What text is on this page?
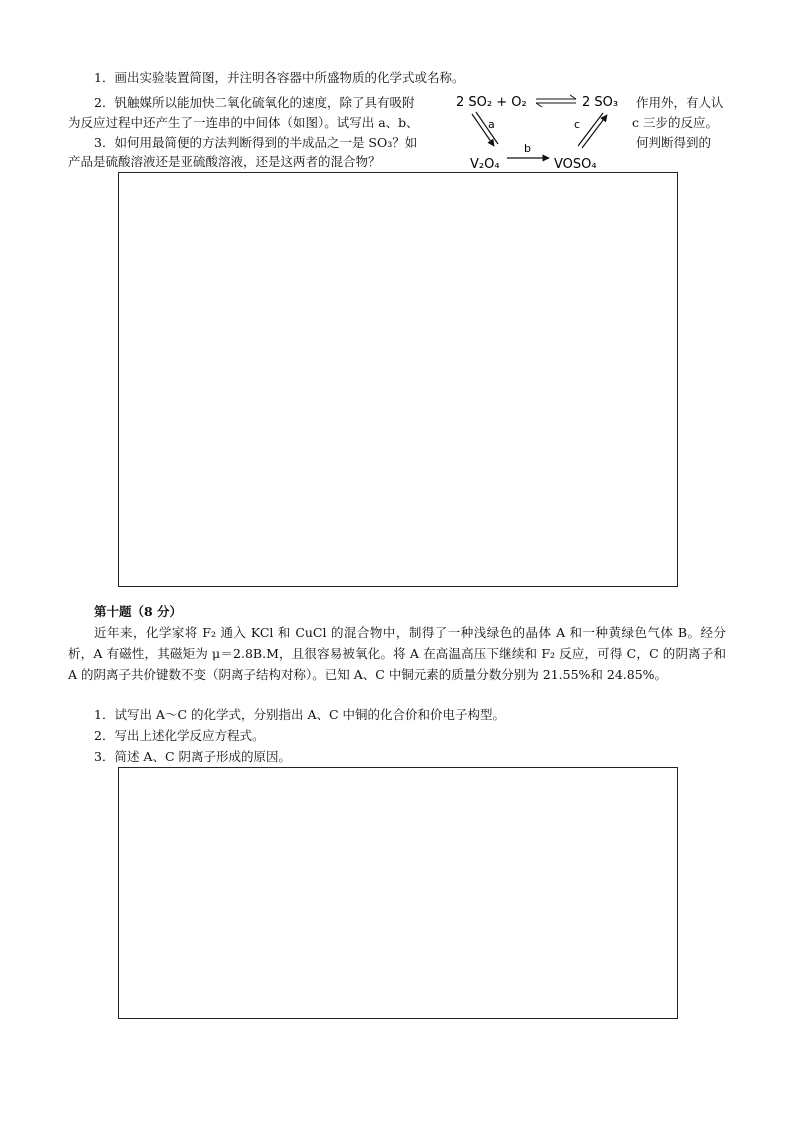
1．画出实验装置简图，并注明各容器中所盛物质的化学式或名称。
2．钒触媒所以能加快二氧化硫氧化的速度，除了具有吸附	作用外，有人认
为反应过程中还产生了一连串的中间体（如图）。试写出 a、b、	c 三步的反应。
3．如何用最简便的方法判断得到的半成品之一是 SO₃？如	何判断得到的
产品是硫酸溶液还是亚硫酸溶液，还是这两者的混合物？
2 SO₂ + O₂	2 SO₃
a	c
b
V₂O₄	VOSO₄
第十题（8 分）
近年来，化学家将 F₂ 通入 KCl 和 CuCl 的混合物中，制得了一种浅绿色的晶体 A 和一种黄绿色气体 B。经分析，A 有磁性，其磁矩为 μ＝2.8B.M，且很容易被氧化。将 A 在高温高压下继续和 F₂ 反应，可得 C，C 的阴离子和 A 的阴离子共价键数不变（阴离子结构对称）。已知 A、C 中铜元素的质量分数分别为 21.55%和 24.85%。
1．试写出 A～C 的化学式，分别指出 A、C 中铜的化合价和价电子构型。
2．写出上述化学反应方程式。
3．简述 A、C 阴离子形成的原因。
